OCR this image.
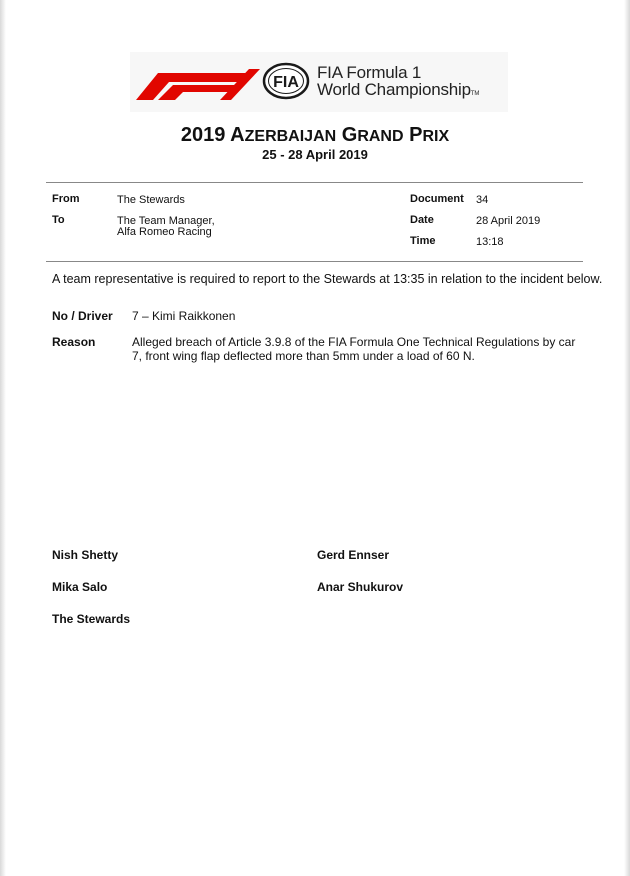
FIA
FIA Formula 1
World ChampionshipTM
2019 AZERBAIJAN GRAND PRIX
25 - 28 April 2019
From	The Stewards
To	The Team Manager,
Alfa Romeo Racing
Document 34
Date	28 April 2019
Time	13:18
A team representative is required to report to the Stewards at 13:35 in relation to the incident below.
No / Driver 7 – Kimi Raikkonen
Reason	Alleged breach of Article 3.9.8 of the FIA Formula One Technical Regulations by car
7, front wing flap deflected more than 5mm under a load of 60 N.
Nish Shetty	Gerd Ennser
Mika Salo	Anar Shukurov
The Stewards
